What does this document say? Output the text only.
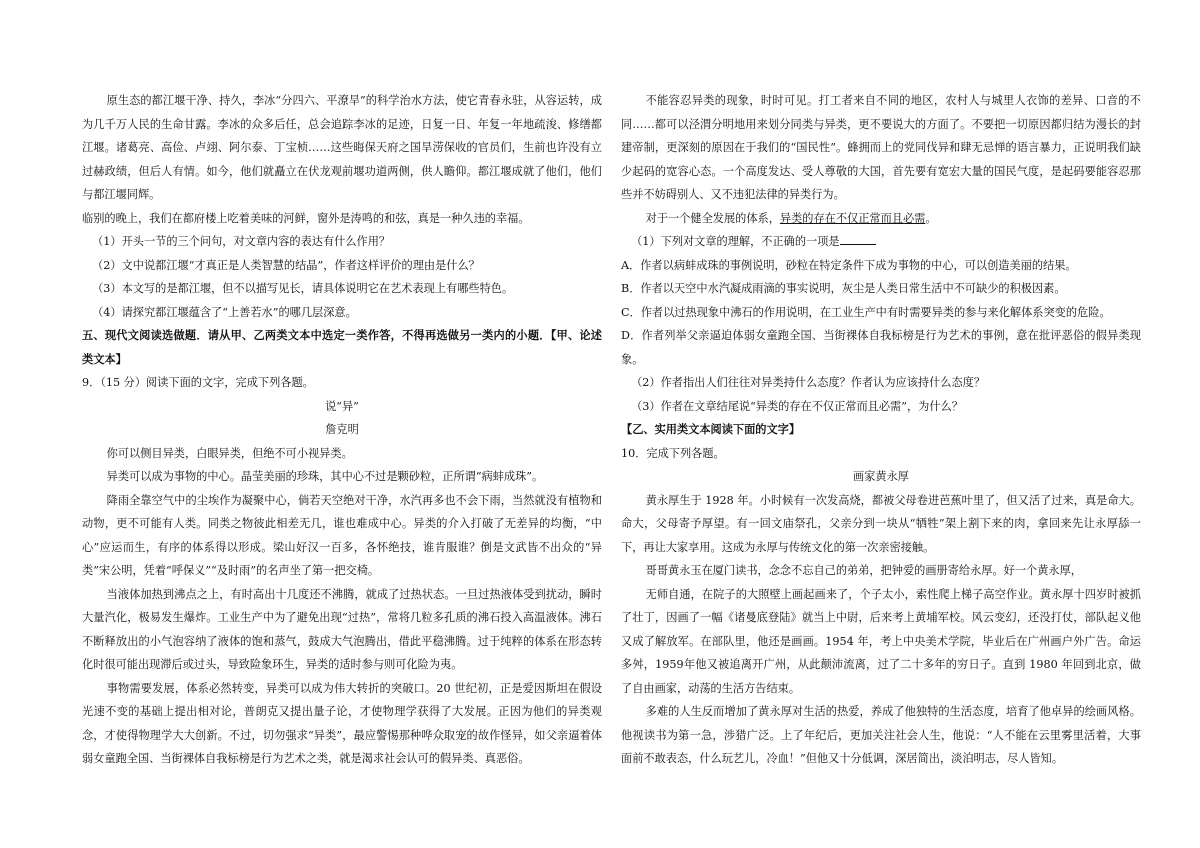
原生态的都江堰干净、持久，李冰“分四六、平潦旱”的科学治水方法，使它青春永驻，从容运转，成为几千万人民的生命甘露。李冰的众多后任，总会追踪李冰的足迹，日复一日、年复一年地疏浚、修缮都江堰。诸葛亮、高俭、卢翊、阿尔泰、丁宝桢……这些晦保天府之国旱涝保收的官员们，生前也许没有立过赫政绩，但后人有情。如今，他们就矗立在伏龙观前堰功道两侧，供人瞻仰。都江堰成就了他们，他们与都江堰同辉。

临别的晚上，我们在都府楼上吃着美味的河鲜，窗外是涛鸣的和弦，真是一种久违的幸福。

（1）开头一节的三个问句，对文章内容的表达有什么作用？

（2）文中说都江堰“才真正是人类智慧的结晶”，作者这样评价的理由是什么？

（3）本文写的是都江堰，但不以描写见长，请具体说明它在艺术表现上有哪些特色。

（4）请探究都江堰蕴含了“上善若水”的哪几层深意。

五、现代文阅读选做题．请从甲、乙两类文本中选定一类作答，不得再选做另一类内的小题．【甲、论述类文本】

9．（15 分）阅读下面的文字，完成下列各题。

说“异”

詹克明

你可以侧目异类，白眼异类，但绝不可小视异类。

异类可以成为事物的中心。晶莹美丽的珍珠，其中心不过是颗砂粒，正所谓“病蚌成珠”。

降雨全靠空气中的尘埃作为凝聚中心，倘若天空绝对干净，水汽再多也不会下雨，当然就没有植物和动物，更不可能有人类。同类之物彼此相差无几，谁也难成中心。异类的介入打破了无差异的均衡，“中心”应运而生，有序的体系得以形成。梁山好汉一百多，各怀绝技，谁肯服谁？倒是文武皆不出众的“异类”宋公明，凭着“呼保义”“及时雨”的名声坐了第一把交椅。

当液体加热到沸点之上，有时高出十几度还不沸腾，就成了过热状态。一旦过热液体受到扰动，瞬时大量汽化，极易发生爆炸。工业生产中为了避免出现“过热”，常将几粒多孔质的沸石投入高温液体。沸石不断释放出的小气泡容纳了液体的饱和蒸气，鼓成大气泡腾出，借此平稳沸腾。过于纯粹的体系在形态转化时很可能出现滞后或过头，导致险象环生，异类的适时参与则可化险为夷。

事物需要发展，体系必然转变，异类可以成为伟大转折的突破口。20 世纪初，正是爱因斯坦在假设光速不变的基础上提出相对论，普朗克又提出量子论，才使物理学获得了大发展。正因为他们的异类观念，才使得物理学大大创新。不过，切勿强求“异类”，最应警惕那种哗众取宠的故作怪异，如父亲逼着体弱女童跑全国、当街裸体自我标榜是行为艺术之类，就是渴求社会认可的假异类、真恶俗。

不能容忍异类的现象，时时可见。打工者来自不同的地区，农村人与城里人衣饰的差异、口音的不同……都可以泾渭分明地用来划分同类与异类，更不要说大的方面了。不要把一切原因都归结为漫长的封建帝制，更深刻的原因在于我们的“国民性”。蜂拥而上的党同伐异和肆无忌惮的语言暴力，正说明我们缺少起码的宽容心态。一个高度发达、受人尊敬的大国，首先要有宽宏大量的国民气度，是起码要能容忍那些并不妨碍别人、又不违犯法律的异类行为。

对于一个健全发展的体系，异类的存在不仅正常而且必需。

（1）下列对文章的理解，不正确的一项是

A．作者以病蚌成珠的事例说明，砂粒在特定条件下成为事物的中心，可以创造美丽的结果。

B．作者以天空中水汽凝成雨滴的事实说明，灰尘是人类日常生活中不可缺少的积极因素。

C．作者以过热现象中沸石的作用说明，在工业生产中有时需要异类的参与来化解体系突变的危险。

D．作者列举父亲逼迫体弱女童跑全国、当街裸体自我标榜是行为艺术的事例，意在批评恶俗的假异类现象。

（2）作者指出人们往往对异类持什么态度？作者认为应该持什么态度？

（3）作者在文章结尾说“异类的存在不仅正常而且必需”，为什么？

【乙、实用类文本阅读下面的文字】

10．完成下列各题。

画家黄永厚

黄永厚生于 1928 年。小时候有一次发高烧，都被父母卷进芭蕉叶里了，但又活了过来，真是命大。命大，父母寄予厚望。有一回文庙祭孔，父亲分到一块从“牺牲”架上割下来的肉，拿回来先让永厚舔一下，再让大家享用。这成为永厚与传统文化的第一次亲密接触。

哥哥黄永玉在厦门读书，念念不忘自己的弟弟，把钟爱的画册寄给永厚。好一个黄永厚，

无师自通，在院子的大照壁上画起画来了，个子太小，索性爬上梯子高空作业。黄永厚十四岁时被抓了壮丁，因画了一幅《诸曼底登陆》就当上中尉，后来考上黄埔军校。风云变幻，还没打仗，部队起义他又成了解放军。在部队里，他还是画画。1954 年，考上中央美术学院，毕业后在广州画户外广告。命运多舛，1959年他又被追离开广州，从此颠沛流离，过了二十多年的穷日子。直到 1980 年回到北京，做了自由画家，动荡的生活方告结束。

多难的人生反而增加了黄永厚对生活的热爱，养成了他独特的生活态度，培育了他卓异的绘画风格。他视读书为第一急，涉猎广泛。上了年纪后，更加关注社会人生，他说：“人不能在云里雾里活着，大事面前不敢表态，什么玩艺儿，冷血！”但他又十分低调，深居简出，淡泊明志，尽人皆知。
